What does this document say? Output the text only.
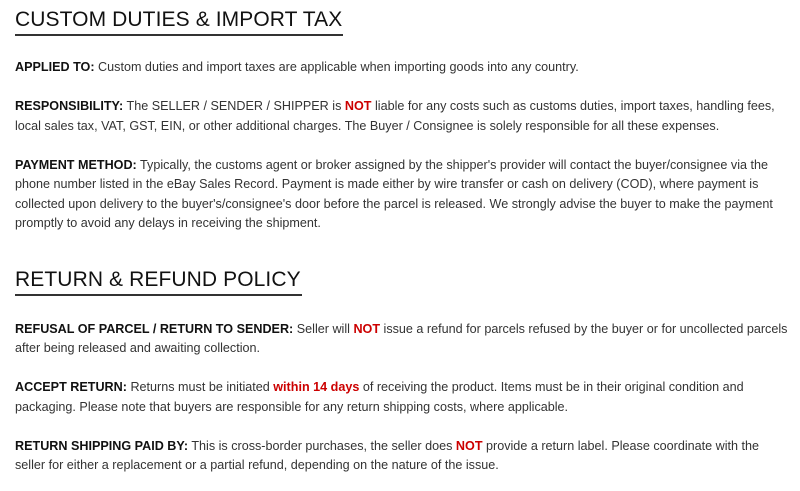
CUSTOM DUTIES & IMPORT TAX

APPLIED TO: Custom duties and import taxes are applicable when importing goods into any country.

RESPONSIBILITY: The SELLER / SENDER / SHIPPER is NOT liable for any costs such as customs duties, import taxes, handling fees, local sales tax, VAT, GST, EIN, or other additional charges. The Buyer / Consignee is solely responsible for all these expenses.

PAYMENT METHOD: Typically, the customs agent or broker assigned by the shipper's provider will contact the buyer/consignee via the phone number listed in the eBay Sales Record. Payment is made either by wire transfer or cash on delivery (COD), where payment is collected upon delivery to the buyer's/consignee's door before the parcel is released. We strongly advise the buyer to make the payment promptly to avoid any delays in receiving the shipment.

RETURN & REFUND POLICY

REFUSAL OF PARCEL / RETURN TO SENDER: Seller will NOT issue a refund for parcels refused by the buyer or for uncollected parcels after being released and awaiting collection.

ACCEPT RETURN: Returns must be initiated within 14 days of receiving the product. Items must be in their original condition and packaging. Please note that buyers are responsible for any return shipping costs, where applicable.

RETURN SHIPPING PAID BY: This is cross-border purchases, the seller does NOT provide a return label. Please coordinate with the seller for either a replacement or a partial refund, depending on the nature of the issue.
